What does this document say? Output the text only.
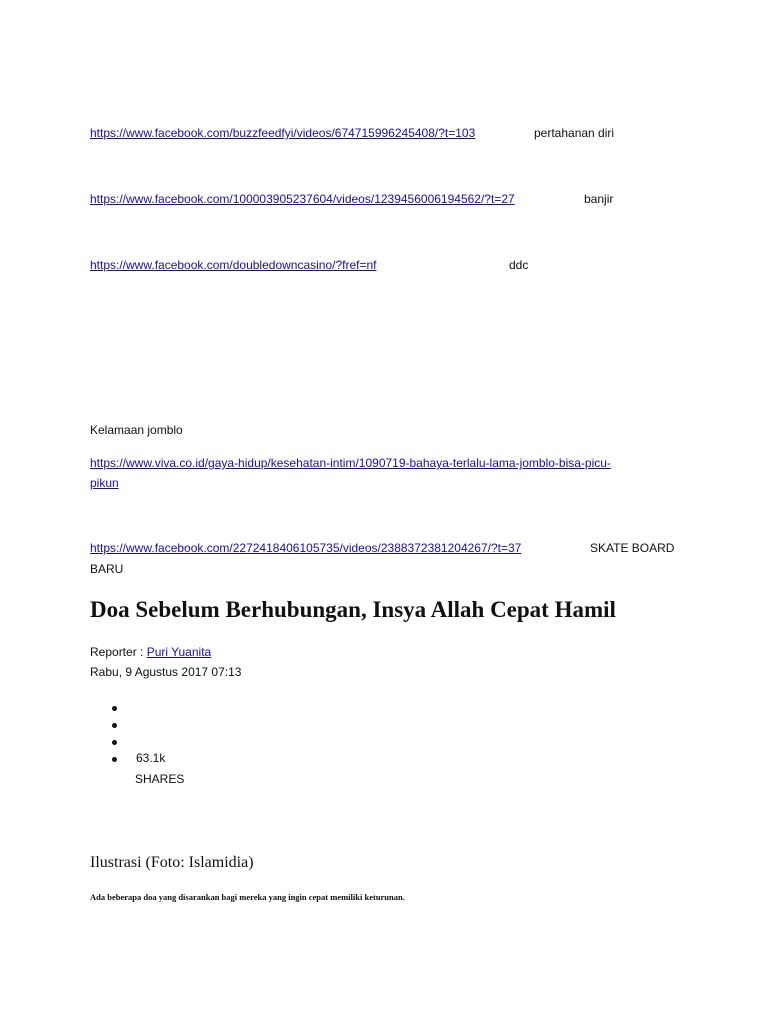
https://www.facebook.com/buzzfeedfyi/videos/674715996245408/?t=103	pertahanan diri
https://www.facebook.com/100003905237604/videos/1239456006194562/?t=27	banjir
https://www.facebook.com/doubledowncasino/?fref=nf	ddc
Kelamaan jomblo
https://www.viva.co.id/gaya-hidup/kesehatan-intim/1090719-bahaya-terlalu-lama-jomblo-bisa-picu-
pikun
https://www.facebook.com/2272418406105735/videos/2388372381204267/?t=37	SKATE BOARD
BARU
Doa Sebelum Berhubungan, Insya Allah Cepat Hamil
Reporter : Puri Yuanita
Rabu, 9 Agustus 2017 07:13
63.1k
SHARES
Ilustrasi (Foto: Islamidia)
Ada beberapa doa yang disarankan bagi mereka yang ingin cepat memiliki keturunan.
